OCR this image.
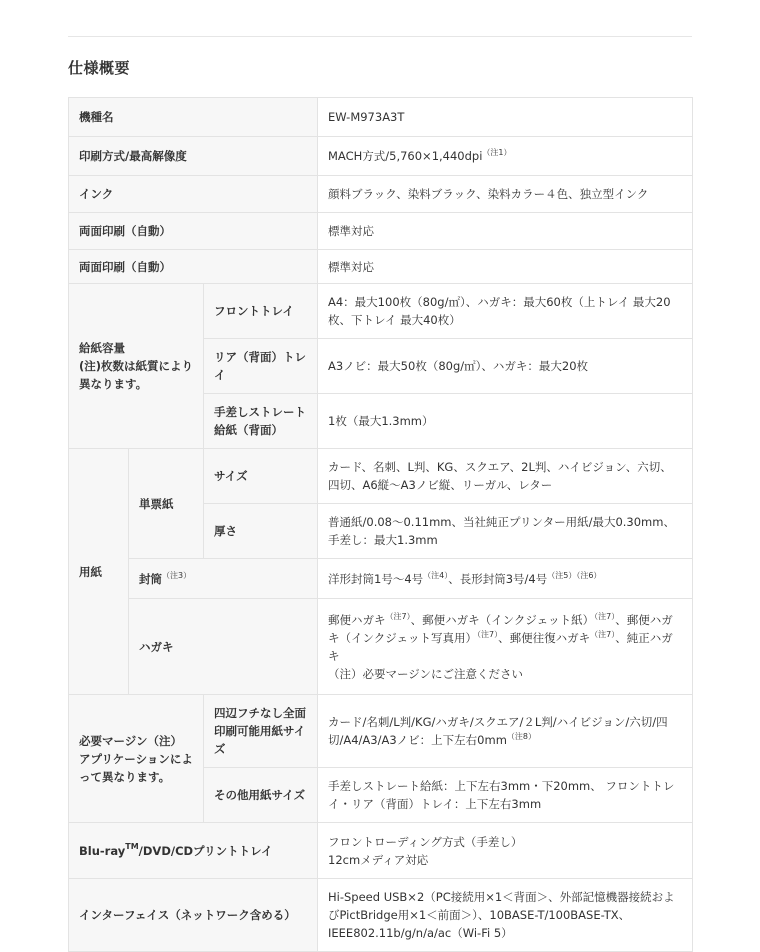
仕様概要
機種名			EW-M973A3T
印刷方式/最高解像度			MACH方式/5,760×1,440dpi$^{(注1)}$
インク			顔料ブラック、染料ブラック、染料カラー４色、独立型インク
両面印刷（自動）			標準対応
両面印刷（自動）			標準対応
給紙容量
(注)枚数は紙質により異なります。		フロントトレイ	A4：最大100枚（80g/㎡）、ハガキ：最大60枚（上トレイ 最大20枚、下トレイ 最大40枚）
		リア（背面）トレイ	A3ノビ：最大50枚（80g/㎡）、ハガキ：最大20枚
		手差しストレート給紙（背面）	1枚（最大1.3mm）
用紙	単票紙	サイズ	カード、名刺、L判、KG、スクエア、2L判、ハイビジョン、六切、四切、A6縦～A3ノビ縦、リーガル、レター
		厚さ	普通紙/0.08～0.11mm、当社純正プリンター用紙/最大0.30mm、手差し：最大1.3mm
	封筒$^{(注3)}$		洋形封筒1号～4号$^{(注4)}$、長形封筒3号/4号$^{(注5)(注6)}$
	ハガキ		郵便ハガキ$^{(注7)}$、郵便ハガキ（インクジェット紙）$^{(注7)}$、郵便ハガキ（インクジェット写真用）$^{(注7)}$、郵便往復ハガキ$^{(注7)}$、純正ハガキ
（注）必要マージンにご注意ください
必要マージン（注）アプリケーションによって異なります。		四辺フチなし全面印刷可能用紙サイズ	カード/名刺/L判/KG/ハガキ/スクエア/２L判/ハイビジョン/六切/四切/A4/A3/A3ノビ：上下左右$0mm^{(注8)}$
		その他用紙サイズ	手差しストレート給紙：上下左右3mm・下20mm、 フロントトレイ・リア（背面）トレイ：上下左右3mm
Blu-ray™/DVD/CDプリントトレイ			フロントローディング方式（手差し）
12cmメディア対応
インターフェイス（ネットワーク含める）			Hi-Speed USB×2（PC接続用×1＜背面＞、外部記憶機器接続およびPictBridge用×1＜前面＞）、10BASE-T/100BASE-TX、IEEE802.11b/g/n/a/ac（Wi-Fi 5）
